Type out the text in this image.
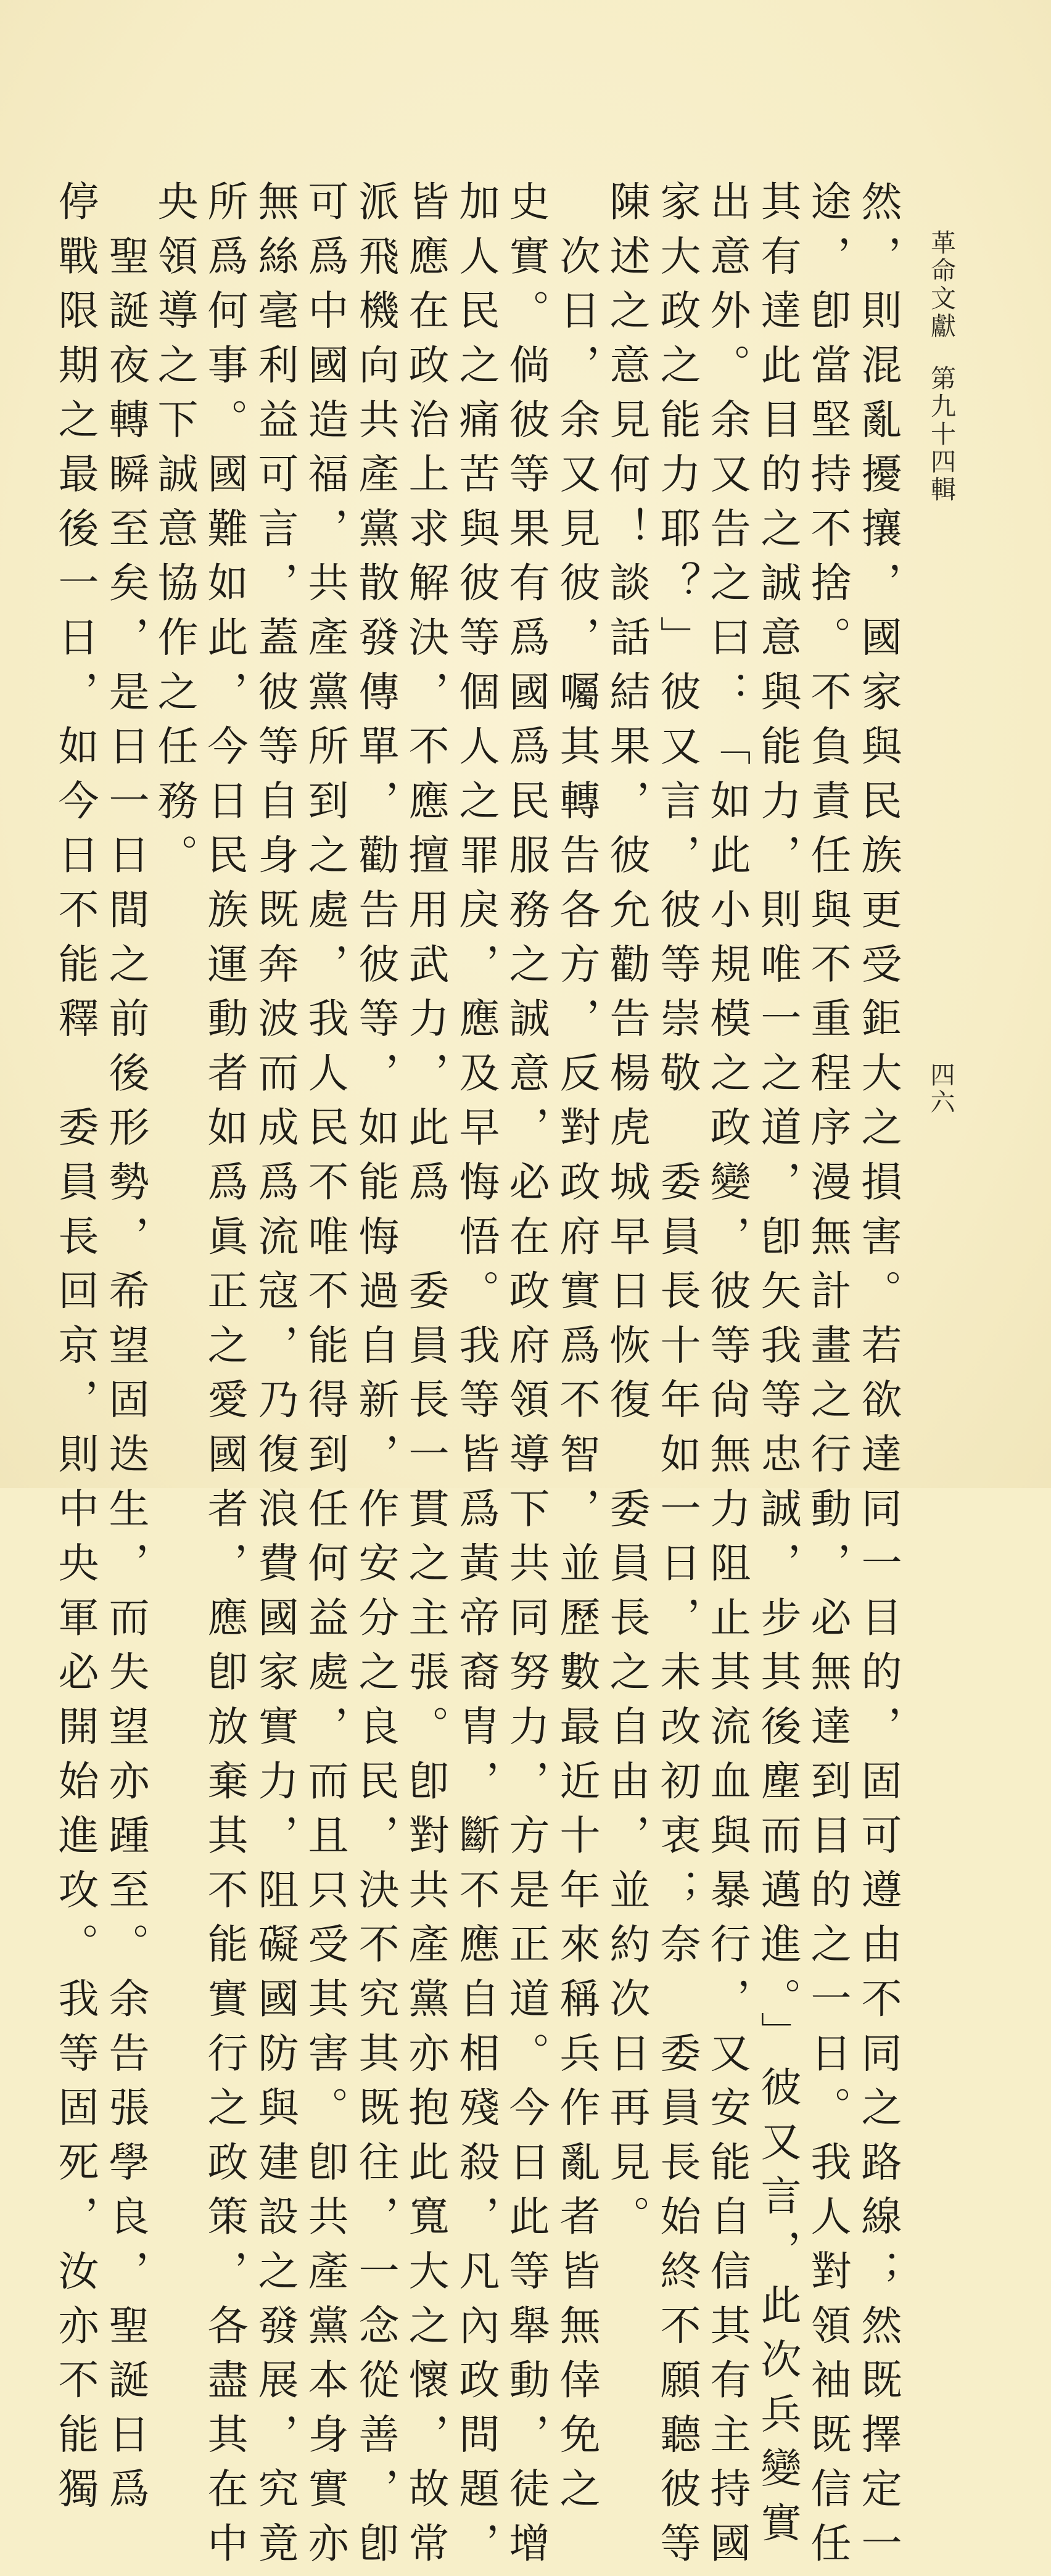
革命文獻第九十四輯
四六
然，則混亂擾攘，國家與民族更受鉅大之損害。若欲達同一目的，固可遵由不同之路線；然既擇定一
途，卽當堅持不捨。不負責任與不重程序漫無計畫之行動，必無達到目的之一日。我人對領袖既信任
其有達此目的之誠意與能力，則唯一之道，卽矢我等忠誠，步其後塵而邁進。」彼又言，此次兵變實
出意外。余又告之曰：「如此小規模之政變，彼等尙無力阻止其流血與暴行，又安能自信其有主持國
家大政之能力耶？」彼又言，彼等崇敬　委員長十年如一日，未改初衷；奈　委員長始終不願聽彼等
陳述之意見何！談話結果，彼允勸告楊虎城早日恢復　委員長之自由，並約次日再見。
　次日，余又見彼，囑其轉告各方，反對政府實爲不智，並歷數最近十年來稱兵作亂者皆無倖免之
史實。倘彼等果有爲國爲民服務之誠意，必在政府領導下共同努力，方是正道。今日此等舉動，徒增
加人民之痛苦與彼等個人之罪戾，應及早悔悟。我等皆爲黃帝裔胄，斷不應自相殘殺，凡內政問題，
皆應在政治上求解決，不應擅用武力，此爲　委員長一貫之主張。卽對共產黨亦抱此寬大之懷，故常
派飛機向共產黨散發傳單，勸告彼等，如能悔過自新，作安分之良民，決不究其既往，一念從善，卽
可爲中國造福，共產黨所到之處，我人民不唯不能得到任何益處，而且只受其害。卽共產黨本身實亦
無絲毫利益可言，蓋彼等自身既奔波而成爲流寇，乃復浪費國家實力，阻礙國防與建設之發展，究竟
所爲何事。國難如此，今日民族運動者如爲眞正之愛國者，應卽放棄其不能實行之政策，各盡其在中
央領導之下誠意協作之任務。
　聖誕夜轉瞬至矣，是日一日間之前後形勢，希望固迭生，而失望亦踵至。余告張學良，聖誕日爲
停戰限期之最後一日，如今日不能釋　委員長回京，則中央軍必開始進攻。我等固死，汝亦不能獨
